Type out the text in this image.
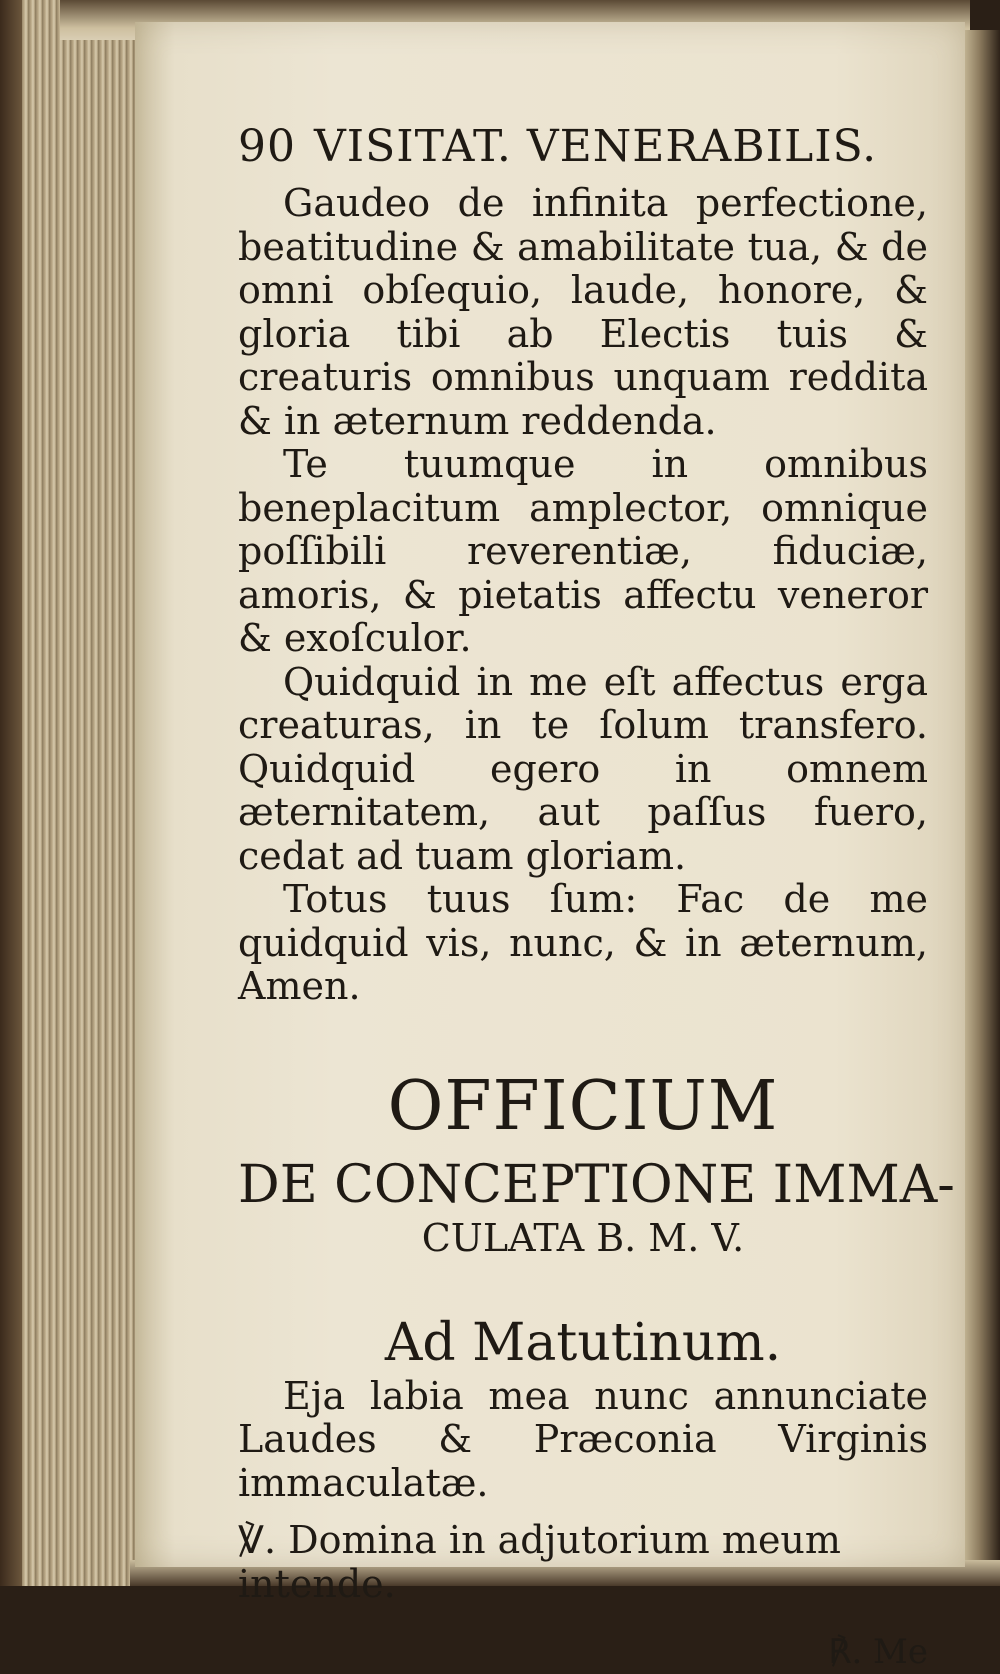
90 VISITAT. VENERABILIS.

Gaudeo de infinita perfectione, beatitudine & amabilitate tua, & de omni obſequio, laude, honore, & gloria tibi ab Electis tuis & creaturis omnibus unquam reddita & in æternum reddenda.

Te tuumque in omnibus beneplacitum amplector, omnique poſſibili reverentiæ, fiduciæ, amoris, & pietatis affectu veneror & exoſculor.

Quidquid in me eſt affectus erga creaturas, in te ſolum transfero. Quidquid egero in omnem æternitatem, aut paſſus fuero, cedat ad tuam gloriam.

Totus tuus ſum: Fac de me quidquid vis, nunc, & in æternum, Amen.

OFFICIUM
DE CONCEPTIONE IMMA-
CULATA B. M. V.
Ad Matutinum.

Eja labia mea nunc annunciate Laudes & Præconia Virginis immaculatæ.

℣. Domina in adjutorium meum intende.
℟. Me
